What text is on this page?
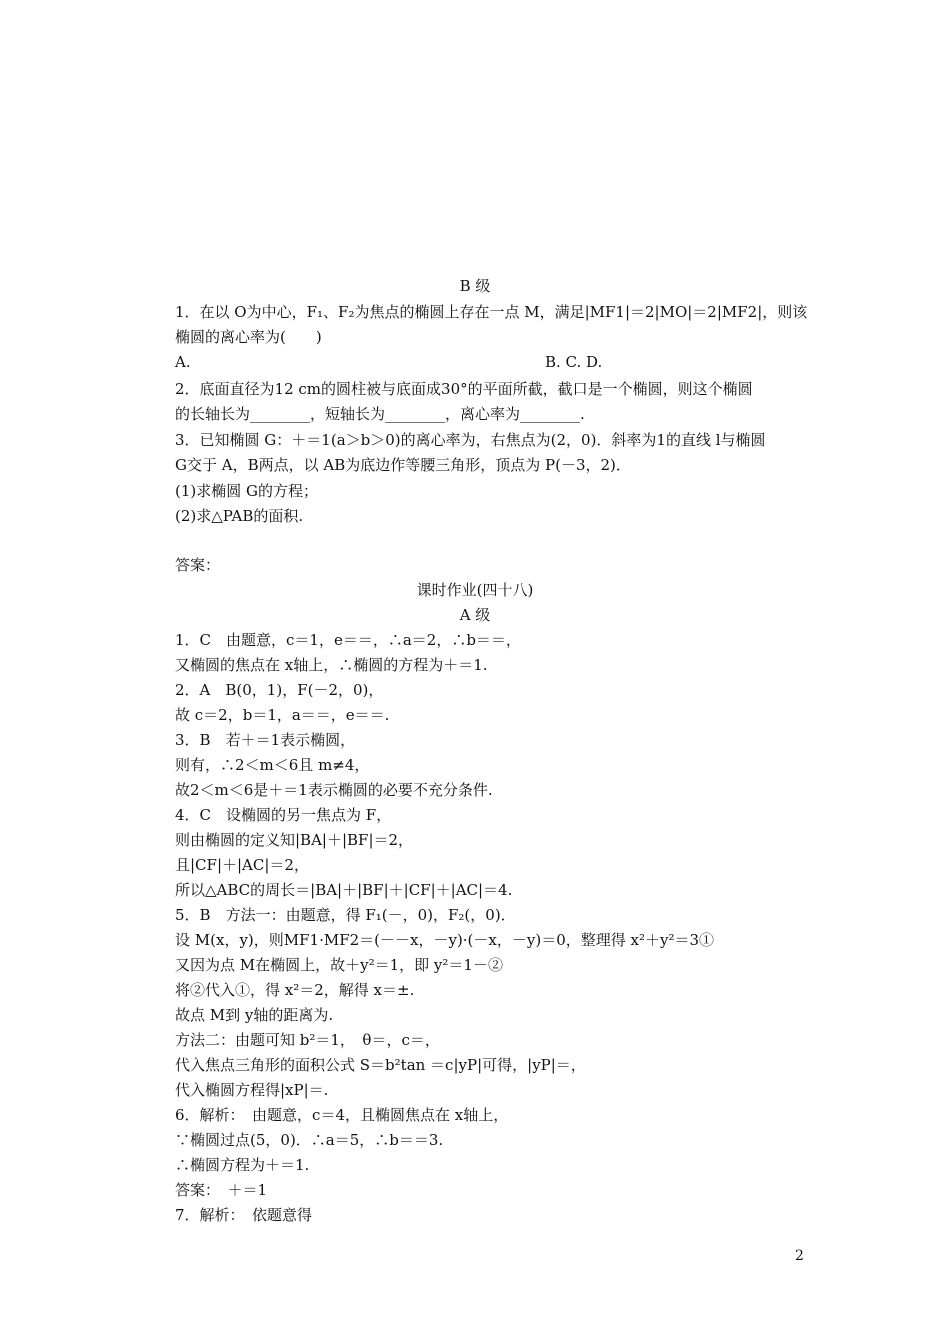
B 级
1．在以 O为中心，F₁、F₂为焦点的椭圆上存在一点 M，满足|MF1|＝2|MO|＝2|MF2|，则该
椭圆的离心率为(　　)
A.	B. C. D.
2．底面直径为12 cm的圆柱被与底面成30°的平面所截，截口是一个椭圆，则这个椭圆
的长轴长为________，短轴长为________，离心率为________.
3．已知椭圆 G：＋＝1(a＞b＞0)的离心率为，右焦点为(2，0)．斜率为1的直线 l与椭圆
G交于 A，B两点，以 AB为底边作等腰三角形，顶点为 P(－3，2)．
(1)求椭圆 G的方程；
(2)求△PAB的面积.
答案：
课时作业(四十八)
A 级
1．C　由题意，c＝1，e＝＝，∴a＝2，∴b＝＝，
又椭圆的焦点在 x轴上，∴椭圆的方程为＋＝1.
2．A　B(0，1)，F(－2，0)，
故 c＝2，b＝1，a＝＝，e＝＝.
3．B　若＋＝1表示椭圆，
则有，∴2＜m＜6且 m≠4，
故2＜m＜6是＋＝1表示椭圆的必要不充分条件.
4．C　设椭圆的另一焦点为 F，
则由椭圆的定义知|BA|＋|BF|＝2，
且|CF|＋|AC|＝2，
所以△ABC的周长＝|BA|＋|BF|＋|CF|＋|AC|＝4.
5．B　方法一：由题意，得 F₁(－，0)，F₂(，0)．
设 M(x，y)，则MF1·MF2＝(－－x，－y)·(－x，－y)＝0，整理得 x²＋y²＝3①
又因为点 M在椭圆上，故＋y²＝1，即 y²＝1－②
将②代入①，得 x²＝2，解得 x＝±.
故点 M到 y轴的距离为.
方法二：由题可知 b²＝1，　θ＝，c＝，
代入焦点三角形的面积公式 S＝b²tan ＝c|yP|可得，|yP|＝，
代入椭圆方程得|xP|＝.
6．解析：　由题意，c＝4，且椭圆焦点在 x轴上，
∵椭圆过点(5，0)．∴a＝5，∴b＝＝3.
∴椭圆方程为＋＝1.
答案：　＋＝1
7．解析：　依题意得
2
